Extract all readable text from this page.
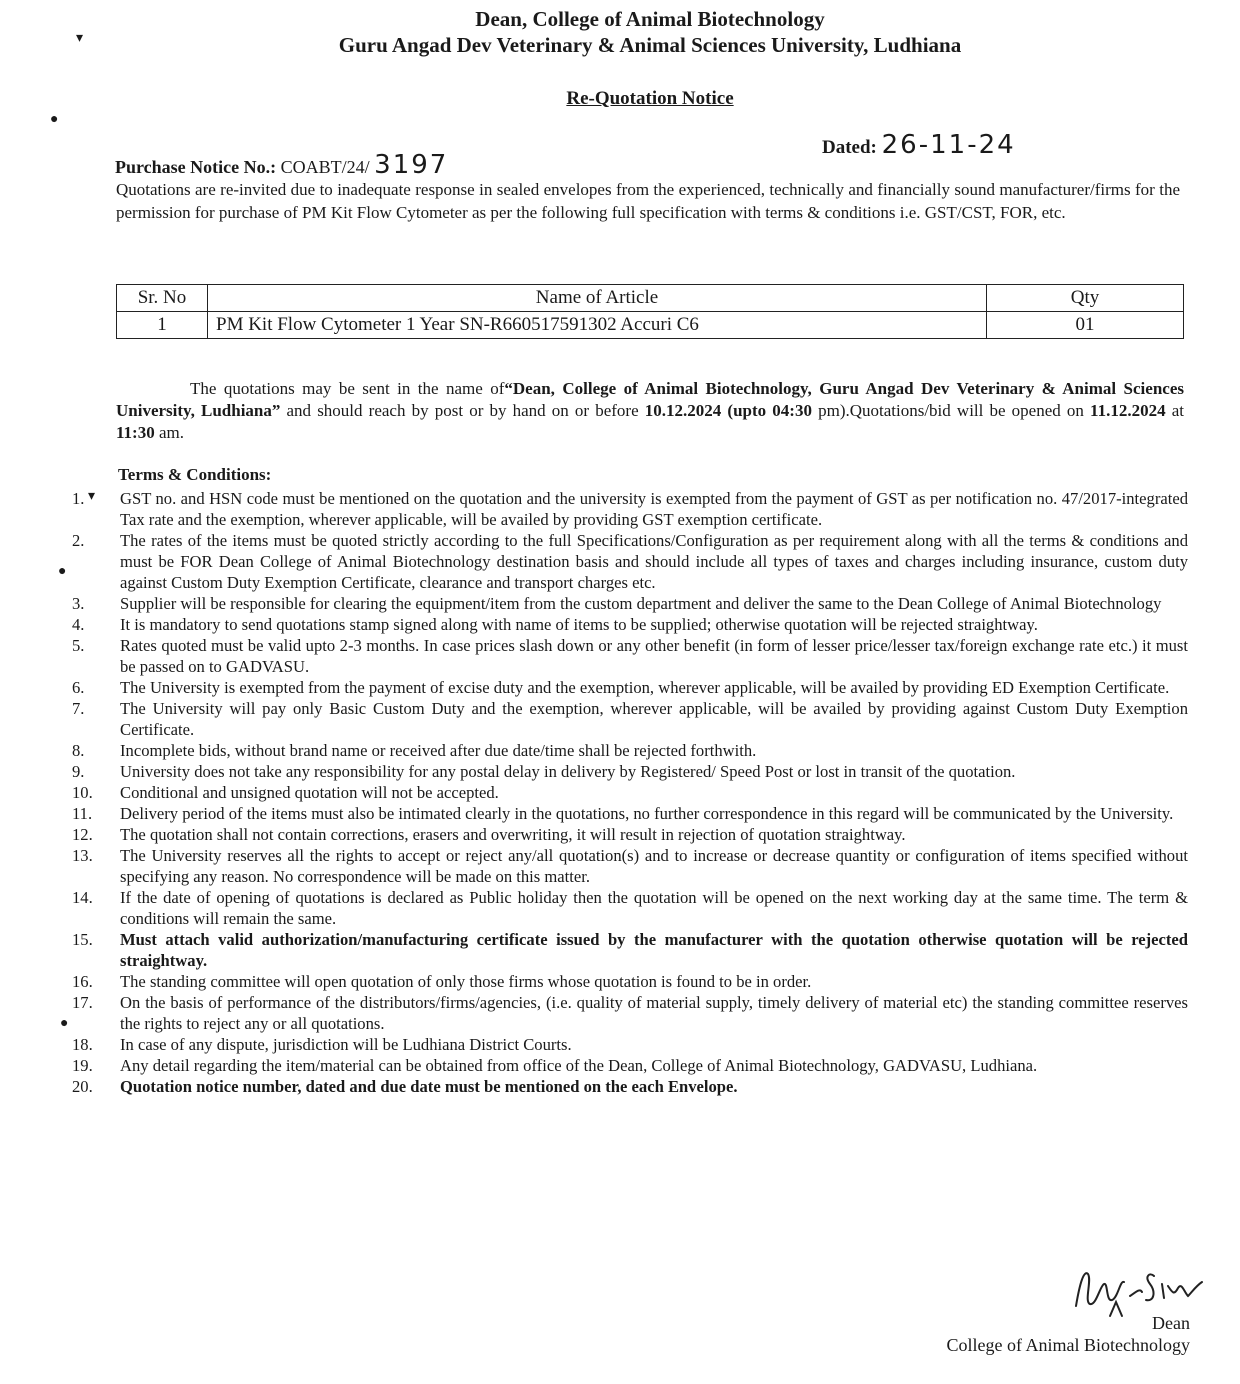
Dean, College of Animal Biotechnology
Guru Angad Dev Veterinary & Animal Sciences University, Ludhiana
Re-Quotation Notice
Purchase Notice No.: COABT/24/ 3197
Dated: 26-11-24
Quotations are re-invited due to inadequate response in sealed envelopes from the experienced, technically and financially sound manufacturer/firms for the permission for purchase of PM Kit Flow Cytometer as per the following full specification with terms & conditions i.e. GST/CST, FOR, etc.
Sr. No	Name of Article	Qty
1	PM Kit Flow Cytometer 1 Year SN-R660517591302 Accuri C6	01
The quotations may be sent in the name of“Dean, College of Animal Biotechnology, Guru Angad Dev Veterinary & Animal Sciences University, Ludhiana” and should reach by post or by hand on or before 10.12.2024 (upto 04:30 pm).Quotations/bid will be opened on 11.12.2024 at 11:30 am.
Terms & Conditions:
1.	GST no. and HSN code must be mentioned on the quotation and the university is exempted from the payment of GST as per notification no. 47/2017-integrated Tax rate and the exemption, wherever applicable, will be availed by providing GST exemption certificate.
2.	The rates of the items must be quoted strictly according to the full Specifications/Configuration as per requirement along with all the terms & conditions and must be FOR Dean College of Animal Biotechnology destination basis and should include all types of taxes and charges including insurance, custom duty against Custom Duty Exemption Certificate, clearance and transport charges etc.
3.	Supplier will be responsible for clearing the equipment/item from the custom department and deliver the same to the Dean College of Animal Biotechnology
4.	It is mandatory to send quotations stamp signed along with name of items to be supplied; otherwise quotation will be rejected straightway.
5.	Rates quoted must be valid upto 2-3 months. In case prices slash down or any other benefit (in form of lesser price/lesser tax/foreign exchange rate etc.) it must be passed on to GADVASU.
6.	The University is exempted from the payment of excise duty and the exemption, wherever applicable, will be availed by providing ED Exemption Certificate.
7.	The University will pay only Basic Custom Duty and the exemption, wherever applicable, will be availed by providing against Custom Duty Exemption Certificate.
8.	Incomplete bids, without brand name or received after due date/time shall be rejected forthwith.
9.	University does not take any responsibility for any postal delay in delivery by Registered/ Speed Post or lost in transit of the quotation.
10.	Conditional and unsigned quotation will not be accepted.
11.	Delivery period of the items must also be intimated clearly in the quotations, no further correspondence in this regard will be communicated by the University.
12.	The quotation shall not contain corrections, erasers and overwriting, it will result in rejection of quotation straightway.
13.	The University reserves all the rights to accept or reject any/all quotation(s) and to increase or decrease quantity or configuration of items specified without specifying any reason. No correspondence will be made on this matter.
14.	If the date of opening of quotations is declared as Public holiday then the quotation will be opened on the next working day at the same time. The term & conditions will remain the same.
15.	Must attach valid authorization/manufacturing certificate issued by the manufacturer with the quotation otherwise quotation will be rejected straightway.
16.	The standing committee will open quotation of only those firms whose quotation is found to be in order.
17.	On the basis of performance of the distributors/firms/agencies, (i.e. quality of material supply, timely delivery of material etc) the standing committee reserves the rights to reject any or all quotations.
18.	In case of any dispute, jurisdiction will be Ludhiana District Courts.
19.	Any detail regarding the item/material can be obtained from office of the Dean, College of Animal Biotechnology, GADVASU, Ludhiana.
20.	Quotation notice number, dated and due date must be mentioned on the each Envelope.
▾
●
▾
●
●
Dean
College of Animal Biotechnology
